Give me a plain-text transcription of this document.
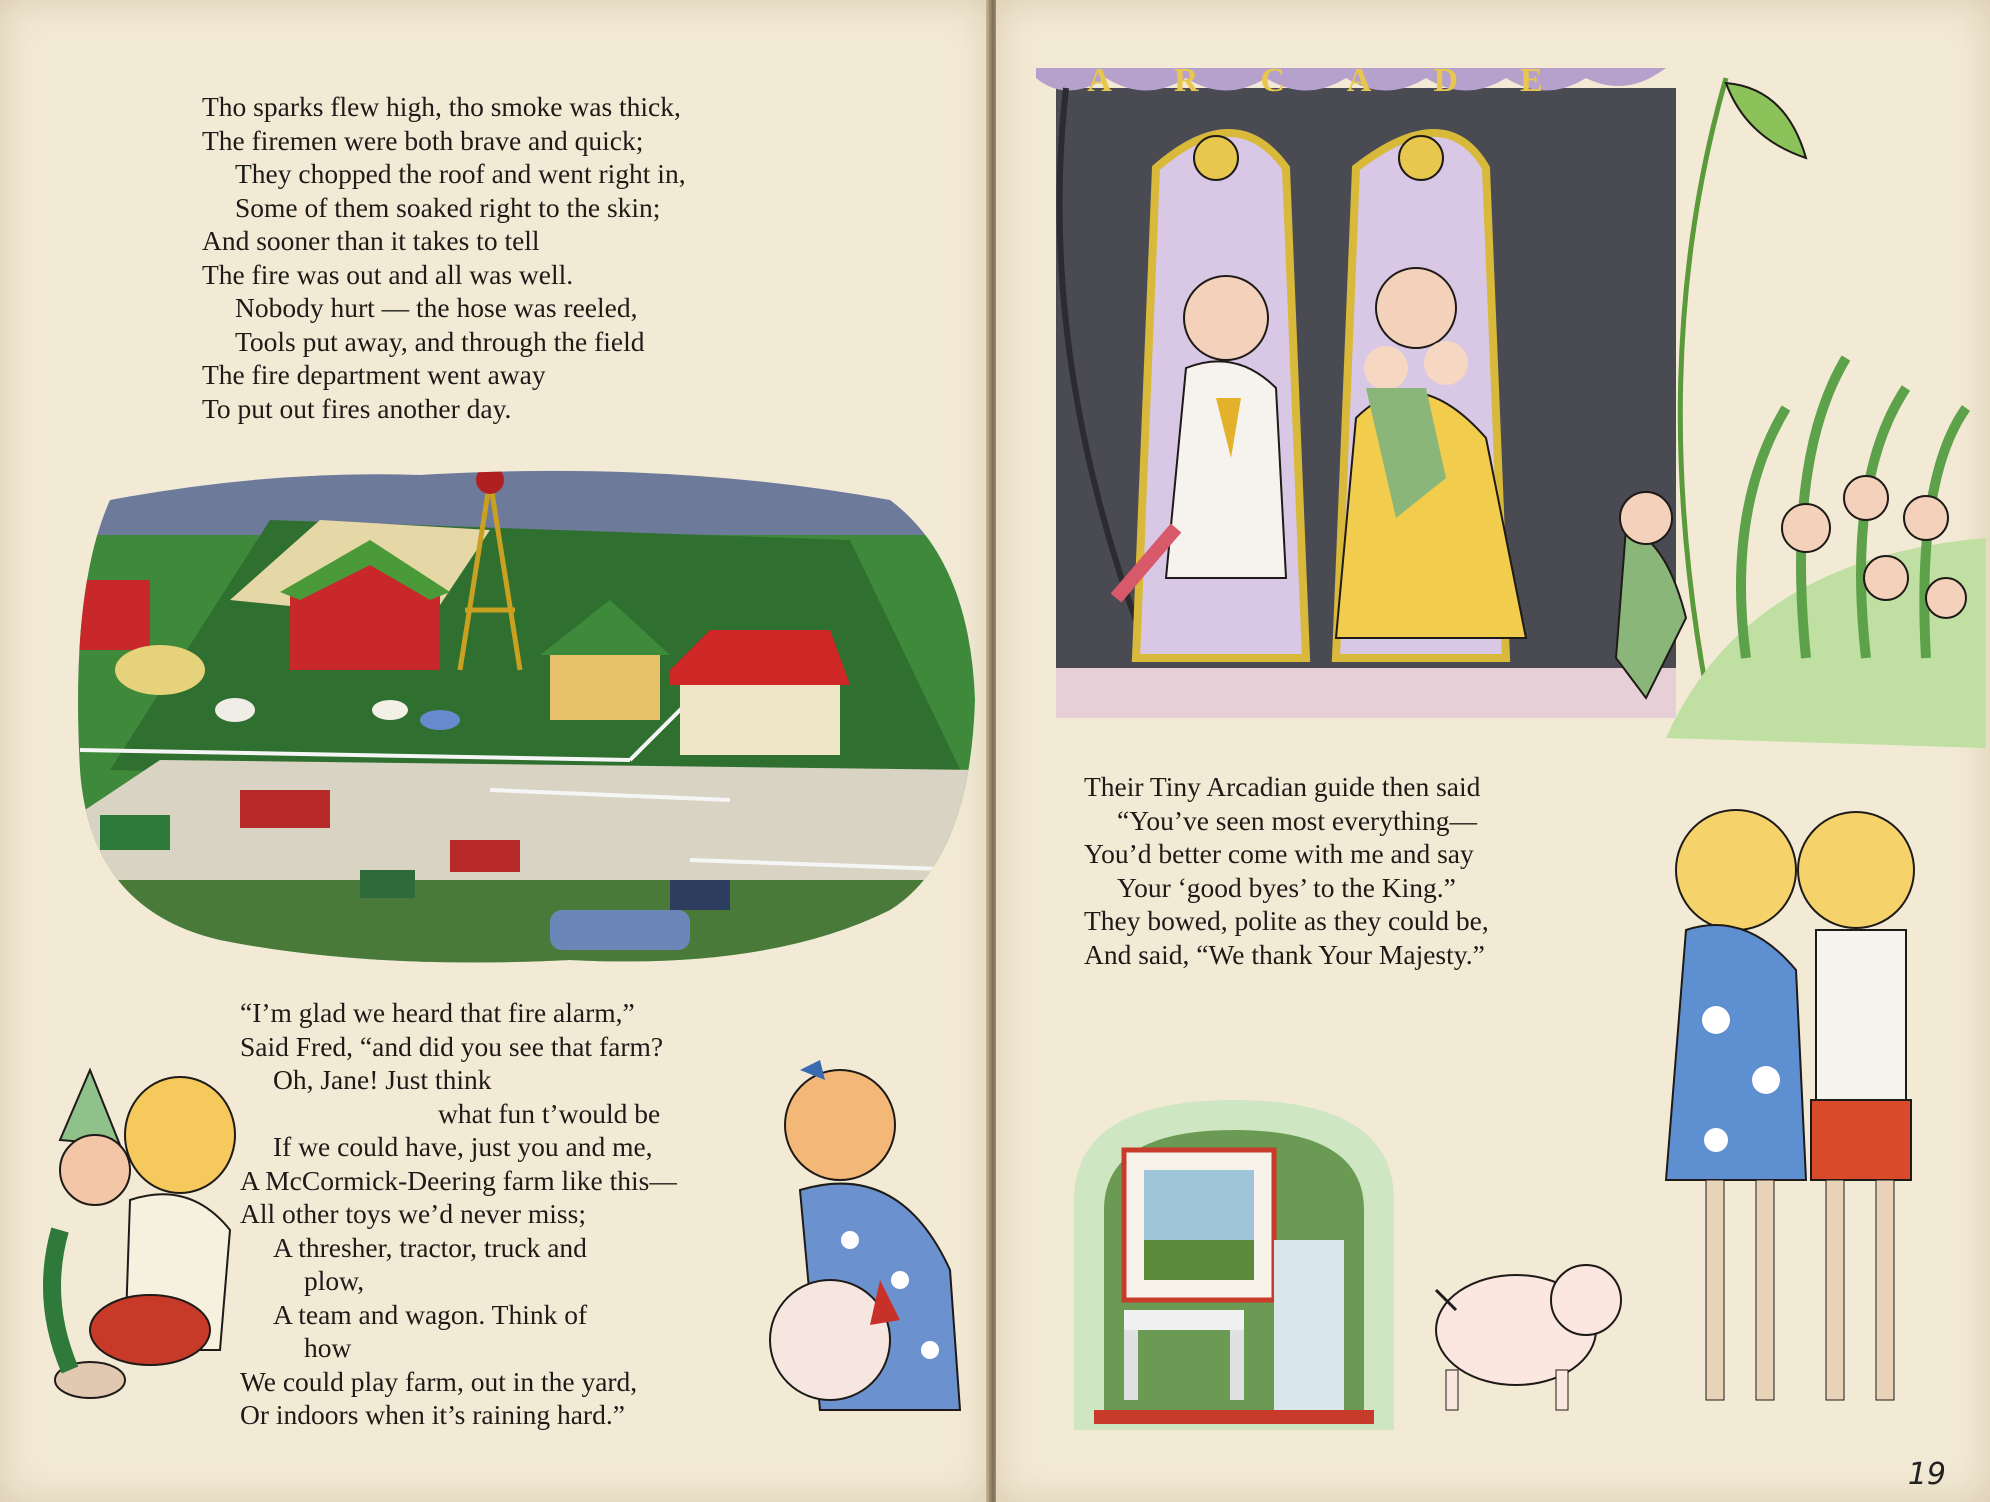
Tho sparks flew high, tho smoke was thick,
The firemen were both brave and quick;
They chopped the roof and went right in,
Some of them soaked right to the skin;
And sooner than it takes to tell
The fire was out and all was well.
Nobody hurt — the hose was reeled,
Tools put away, and through the field
The fire department went away
To put out fires another day.
“I’m glad we heard that fire alarm,”
Said Fred, “and did you see that farm?
Oh, Jane! Just think
what fun t’would be
If we could have, just you and me,
A McCormick-Deering farm like this—
All other toys we’d never miss;
A thresher, tractor, truck and
plow,
A team and wagon. Think of
how
We could play farm, out in the yard,
Or indoors when it’s raining hard.”
ARCADE
Their Tiny Arcadian guide then said
“You’ve seen most everything—
You’d better come with me and say
Your ‘good byes’ to the King.”
They bowed, polite as they could be,
And said, “We thank Your Majesty.”
19
